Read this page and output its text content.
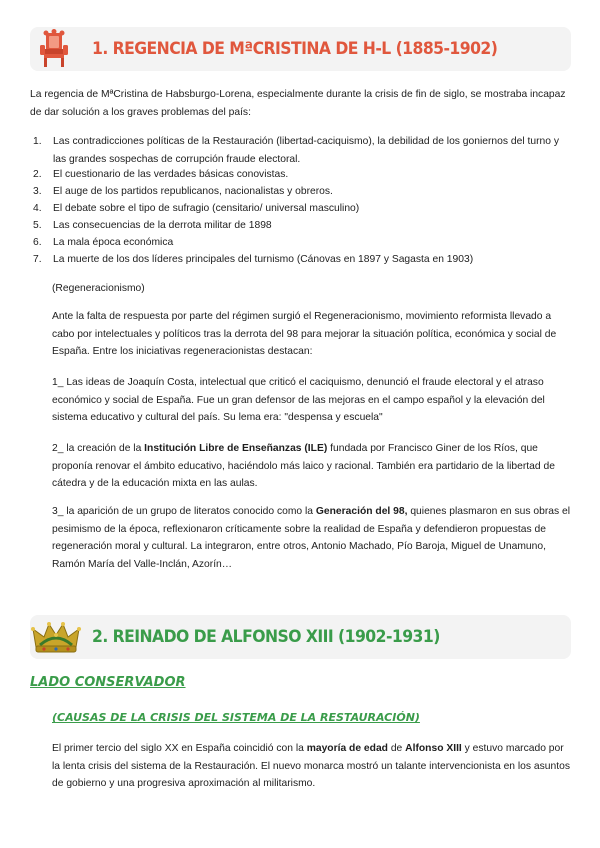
1. REGENCIA DE MªCRISTINA DE H-L (1885-1902)

La regencia de MªCristina de Habsburgo-Lorena, especialmente durante la crisis de fin de siglo, se mostraba incapaz de dar solución a los graves problemas del país:

1. Las contradicciones políticas de la Restauración (libertad-caciquismo), la debilidad de los goniernos del turno y las grandes sospechas de corrupción fraude electoral.
2. El cuestionario de las verdades básicas conovistas.
3. El auge de los partidos republicanos, nacionalistas y obreros.
4. El debate sobre el tipo de sufragio (censitario/ universal masculino)
5. Las consecuencias de la derrota militar de 1898
6. La mala época económica
7. La muerte de los dos líderes principales del turnismo (Cánovas en 1897 y Sagasta en 1903)

(Regeneracionismo)

Ante la falta de respuesta por parte del régimen surgió el Regeneracionismo, movimiento reformista llevado a cabo por intelectuales y políticos tras la derrota del 98 para mejorar la situación política, económica y social de España. Entre los iniciativas regeneracionistas destacan:

1_ Las ideas de Joaquín Costa, intelectual que criticó el caciquismo, denunció el fraude electoral y el atraso económico y social de España. Fue un gran defensor de las mejoras en el campo español y la elevación del sistema educativo y cultural del país. Su lema era: "despensa y escuela"

2_ la creación de la Institución Libre de Enseñanzas (ILE) fundada por Francisco Giner de los Ríos, que proponía renovar el ámbito educativo, haciéndolo más laico y racional. También era partidario de la libertad de cátedra y de la educación mixta en las aulas.

3_ la aparición de un grupo de literatos conocido como la Generación del 98, quienes plasmaron en sus obras el pesimismo de la época, reflexionaron críticamente sobre la realidad de España y defendieron propuestas de regeneración moral y cultural. La integraron, entre otros, Antonio Machado, Pío Baroja, Miguel de Unamuno, Ramón María del Valle-Inclán, Azorín…

2. REINADO DE ALFONSO XIII (1902-1931)
LADO CONSERVADOR
(CAUSAS DE LA CRISIS DEL SISTEMA DE LA RESTAURACIÓN)

El primer tercio del siglo XX en España coincidió con la mayoría de edad de Alfonso XIII y estuvo marcado por la lenta crisis del sistema de la Restauración. El nuevo monarca mostró un talante intervencionista en los asuntos de gobierno y una progresiva aproximación al militarismo.
